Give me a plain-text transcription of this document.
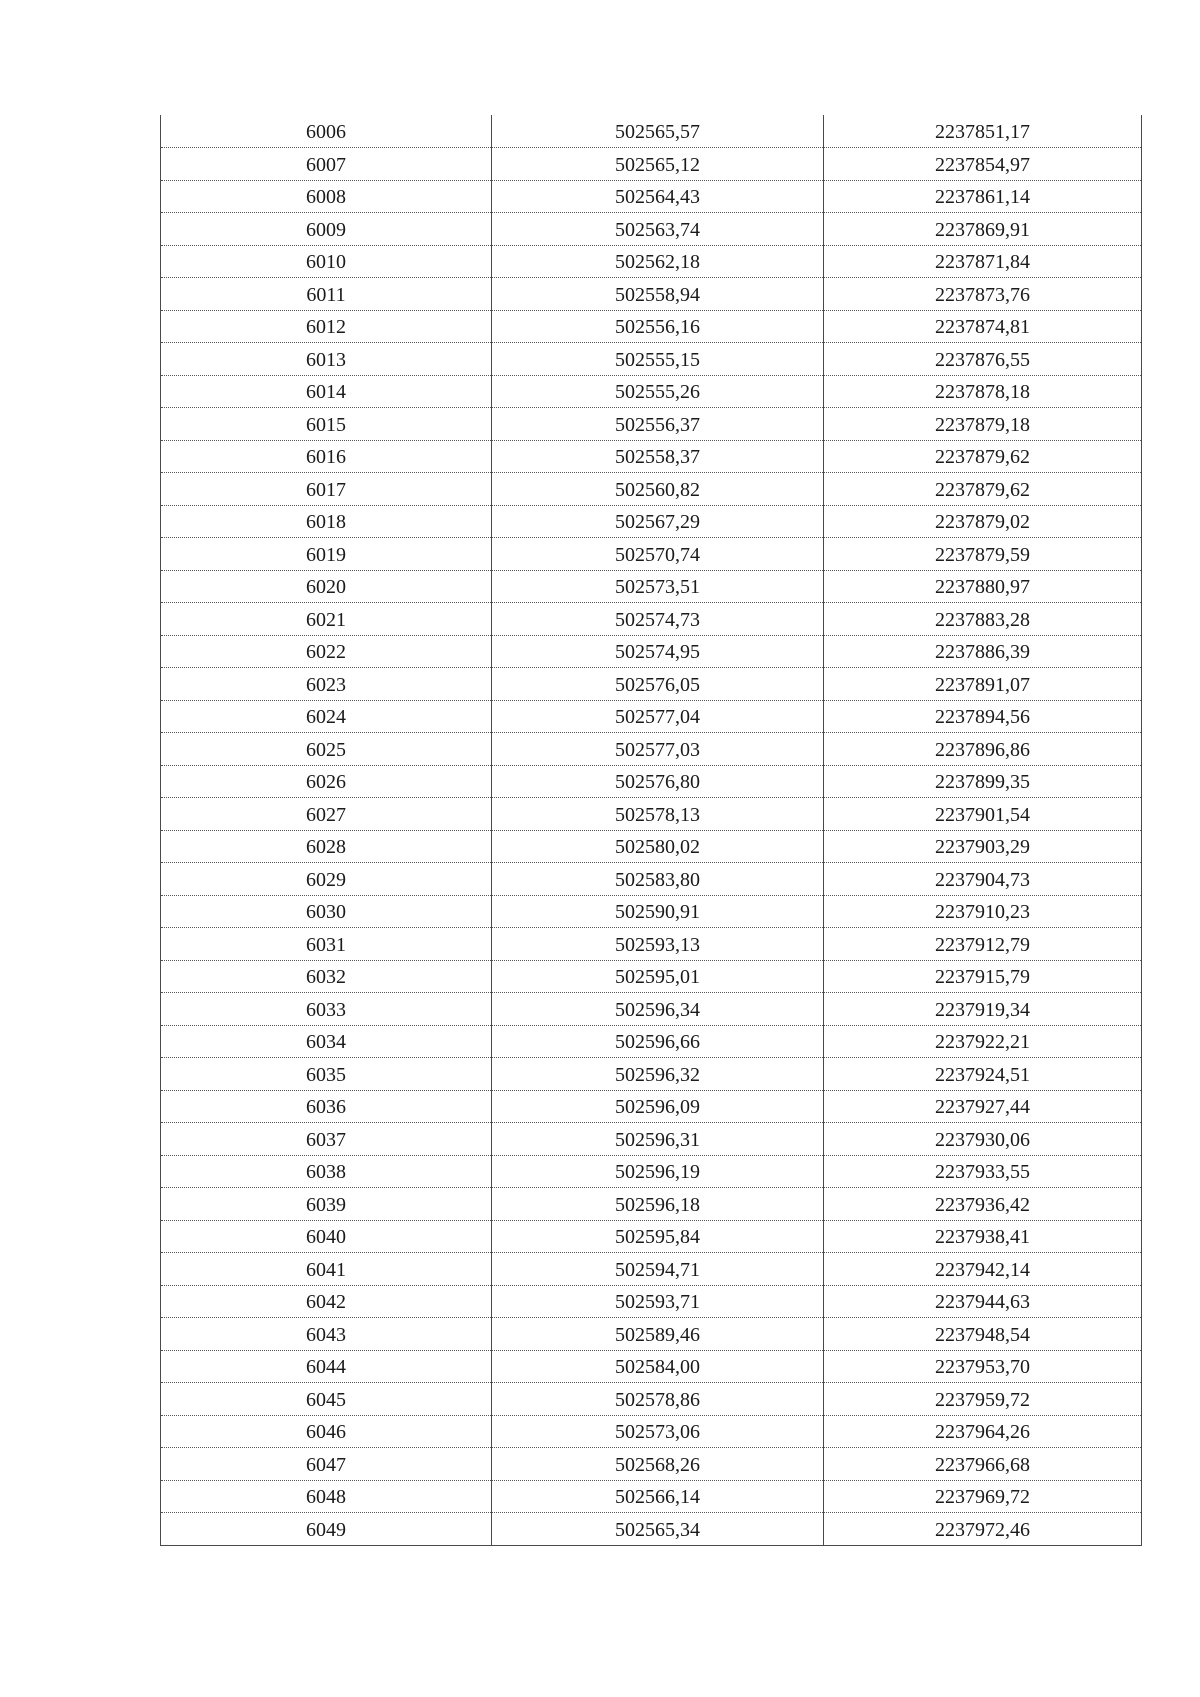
6006	502565,57	2237851,17
6007	502565,12	2237854,97
6008	502564,43	2237861,14
6009	502563,74	2237869,91
6010	502562,18	2237871,84
6011	502558,94	2237873,76
6012	502556,16	2237874,81
6013	502555,15	2237876,55
6014	502555,26	2237878,18
6015	502556,37	2237879,18
6016	502558,37	2237879,62
6017	502560,82	2237879,62
6018	502567,29	2237879,02
6019	502570,74	2237879,59
6020	502573,51	2237880,97
6021	502574,73	2237883,28
6022	502574,95	2237886,39
6023	502576,05	2237891,07
6024	502577,04	2237894,56
6025	502577,03	2237896,86
6026	502576,80	2237899,35
6027	502578,13	2237901,54
6028	502580,02	2237903,29
6029	502583,80	2237904,73
6030	502590,91	2237910,23
6031	502593,13	2237912,79
6032	502595,01	2237915,79
6033	502596,34	2237919,34
6034	502596,66	2237922,21
6035	502596,32	2237924,51
6036	502596,09	2237927,44
6037	502596,31	2237930,06
6038	502596,19	2237933,55
6039	502596,18	2237936,42
6040	502595,84	2237938,41
6041	502594,71	2237942,14
6042	502593,71	2237944,63
6043	502589,46	2237948,54
6044	502584,00	2237953,70
6045	502578,86	2237959,72
6046	502573,06	2237964,26
6047	502568,26	2237966,68
6048	502566,14	2237969,72
6049	502565,34	2237972,46
